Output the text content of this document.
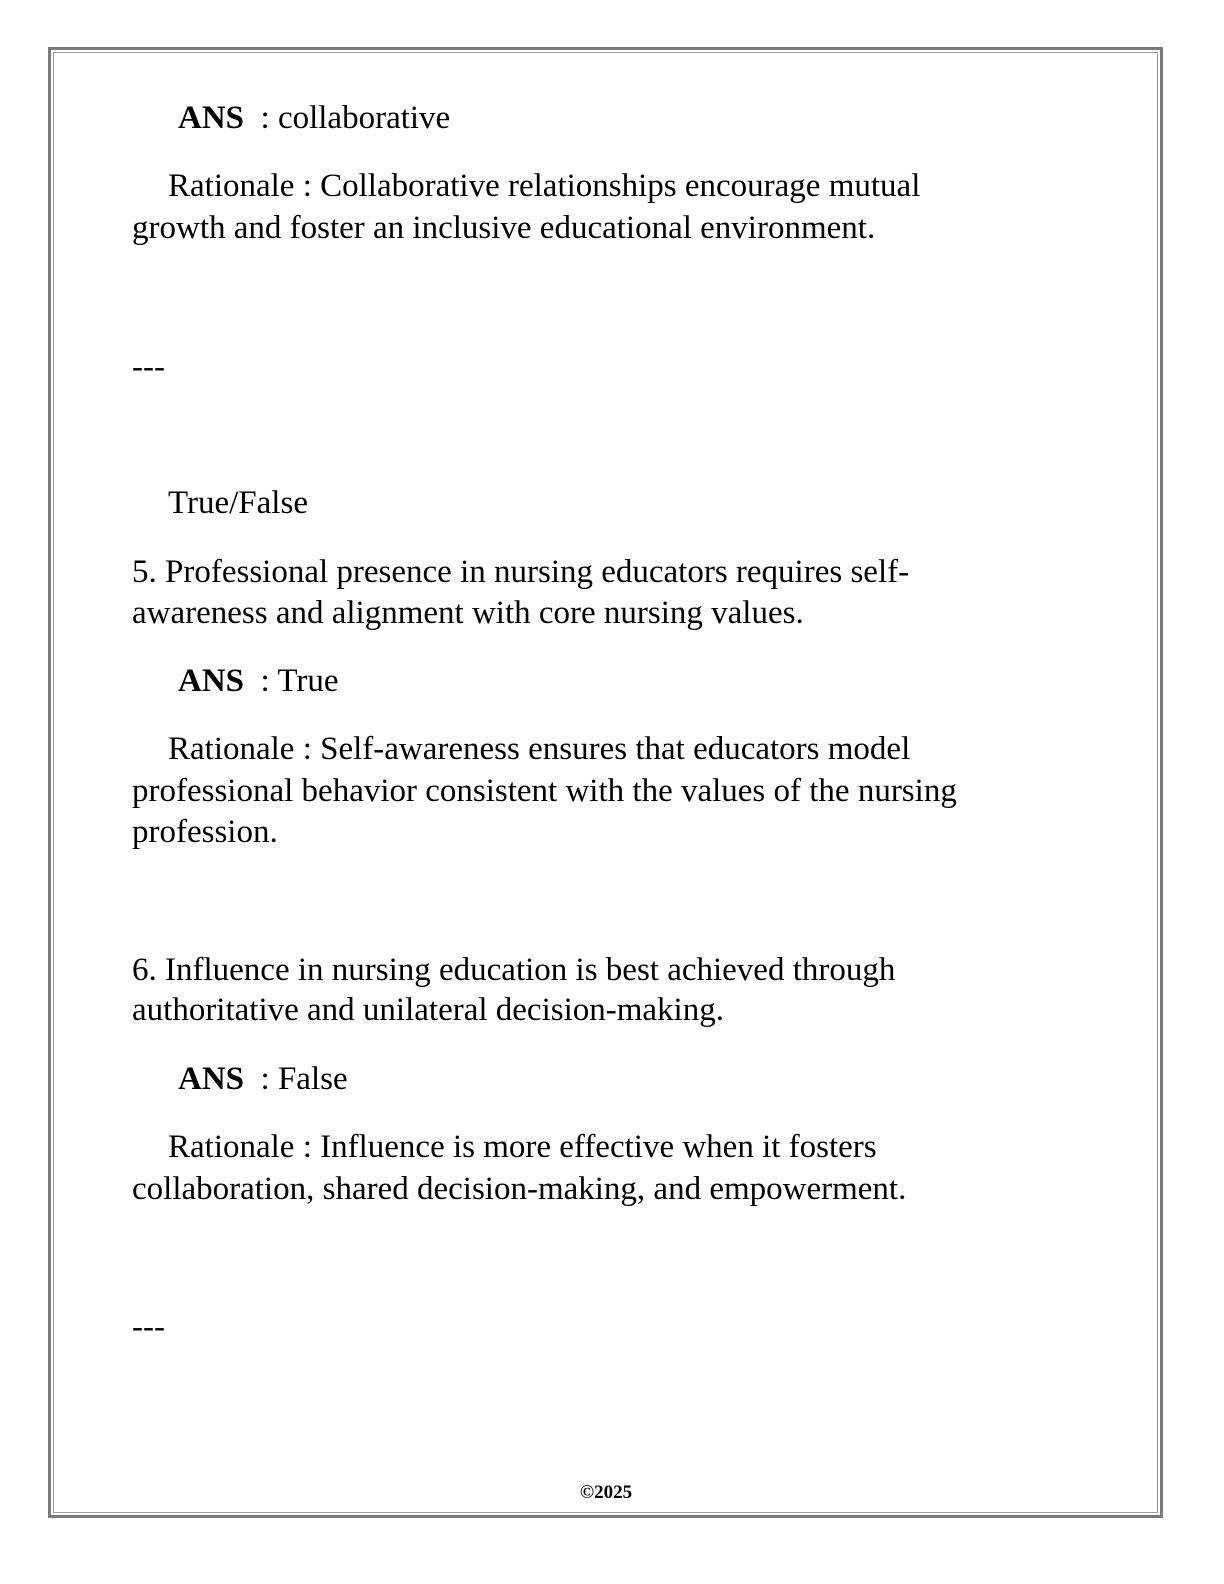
ANS : collaborative

Rationale : Collaborative relationships encourage mutual

growth and foster an inclusive educational environment.

---

True/False

5. Professional presence in nursing educators requires self-

awareness and alignment with core nursing values.

ANS : True

Rationale : Self-awareness ensures that educators model

professional behavior consistent with the values of the nursing

profession.

6. Influence in nursing education is best achieved through

authoritative and unilateral decision-making.

ANS : False

Rationale : Influence is more effective when it fosters

collaboration, shared decision-making, and empowerment.

---

©2025
